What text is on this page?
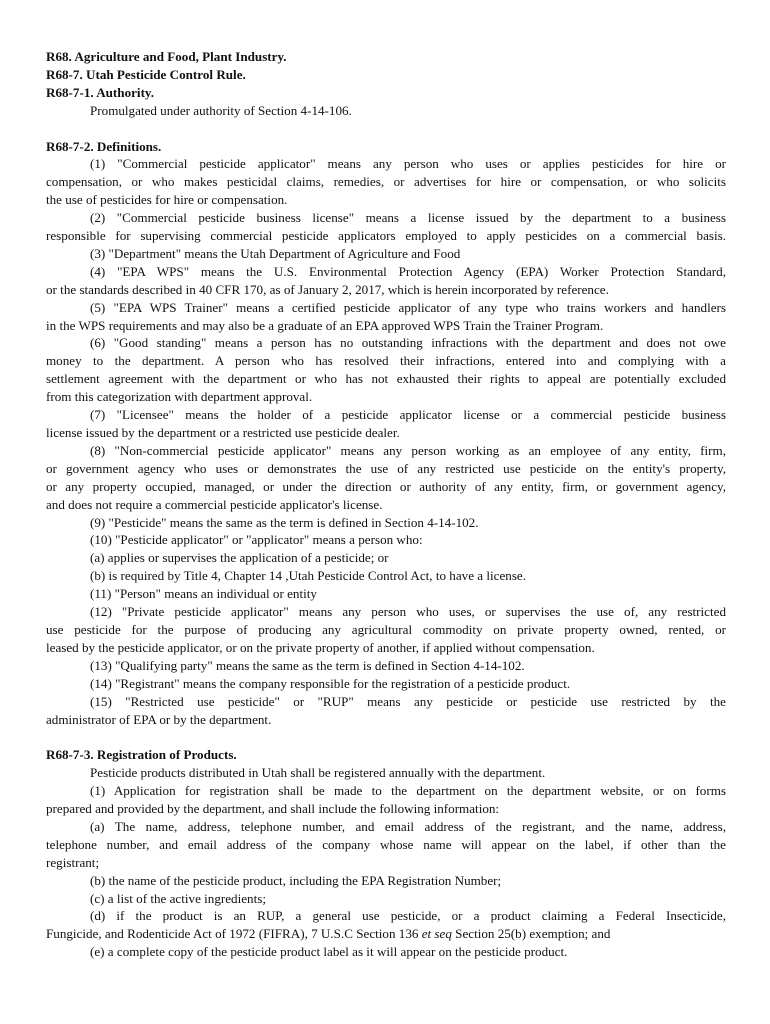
R68. Agriculture and Food, Plant Industry.
R68-7. Utah Pesticide Control Rule.
R68-7-1. Authority.
Promulgated under authority of Section 4-14-106.
R68-7-2. Definitions.
(1) "Commercial pesticide applicator" means any person who uses or applies pesticides for hire or
compensation, or who makes pesticidal claims, remedies, or advertises for hire or compensation, or who solicits
the use of pesticides for hire or compensation.
(2) "Commercial pesticide business license" means a license issued by the department to a business
responsible for supervising commercial pesticide applicators employed to apply pesticides on a commercial basis.
(3) "Department" means the Utah Department of Agriculture and Food
(4) "EPA WPS" means the U.S. Environmental Protection Agency (EPA) Worker Protection Standard,
or the standards described in 40 CFR 170, as of January 2, 2017, which is herein incorporated by reference.
(5) "EPA WPS Trainer" means a certified pesticide applicator of any type who trains workers and handlers
in the WPS requirements and may also be a graduate of an EPA approved WPS Train the Trainer Program.
(6) "Good standing" means a person has no outstanding infractions with the department and does not owe
money to the department. A person who has resolved their infractions, entered into and complying with a
settlement agreement with the department or who has not exhausted their rights to appeal are potentially excluded
from this categorization with department approval.
(7) "Licensee" means the holder of a pesticide applicator license or a commercial pesticide business
license issued by the department or a restricted use pesticide dealer.
(8) "Non-commercial pesticide applicator" means any person working as an employee of any entity, firm,
or government agency who uses or demonstrates the use of any restricted use pesticide on the entity's property,
or any property occupied, managed, or under the direction or authority of any entity, firm, or government agency,
and does not require a commercial pesticide applicator's license.
(9) "Pesticide" means the same as the term is defined in Section 4-14-102.
(10) "Pesticide applicator" or "applicator" means a person who:
(a) applies or supervises the application of a pesticide; or
(b) is required by Title 4, Chapter 14 ,Utah Pesticide Control Act, to have a license.
(11) "Person" means an individual or entity
(12) "Private pesticide applicator" means any person who uses, or supervises the use of, any restricted
use pesticide for the purpose of producing any agricultural commodity on private property owned, rented, or
leased by the pesticide applicator, or on the private property of another, if applied without compensation.
(13) "Qualifying party" means the same as the term is defined in Section 4-14-102.
(14) "Registrant" means the company responsible for the registration of a pesticide product.
(15) "Restricted use pesticide" or "RUP" means any pesticide or pesticide use restricted by the
administrator of EPA or by the department.
R68-7-3. Registration of Products.
Pesticide products distributed in Utah shall be registered annually with the department.
(1) Application for registration shall be made to the department on the department website, or on forms
prepared and provided by the department, and shall include the following information:
(a) The name, address, telephone number, and email address of the registrant, and the name, address,
telephone number, and email address of the company whose name will appear on the label, if other than the
registrant;
(b) the name of the pesticide product, including the EPA Registration Number;
(c) a list of the active ingredients;
(d) if the product is an RUP, a general use pesticide, or a product claiming a Federal Insecticide,
Fungicide, and Rodenticide Act of 1972 (FIFRA), 7 U.S.C Section 136 et seq Section 25(b) exemption; and
(e) a complete copy of the pesticide product label as it will appear on the pesticide product.
